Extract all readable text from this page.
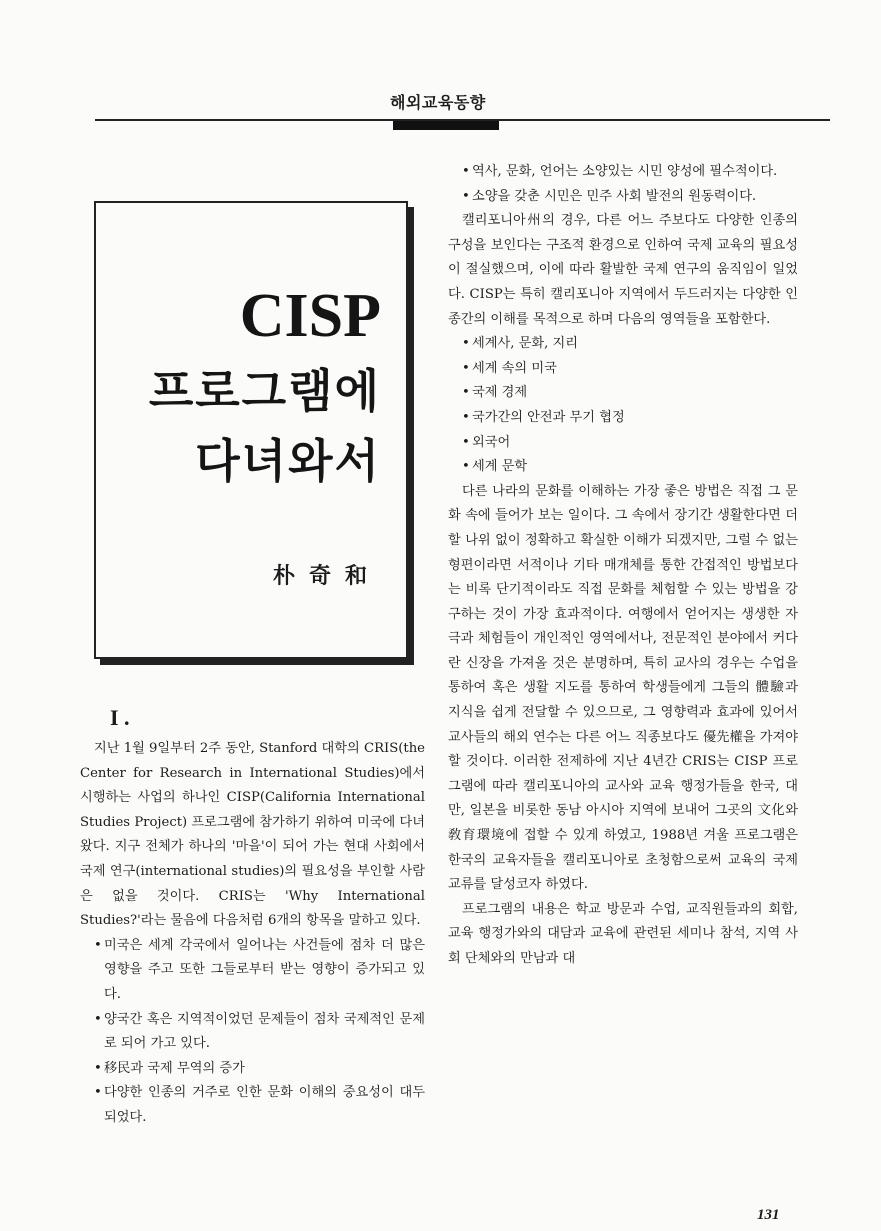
해외교육동향
CISP
프로그램에
다녀와서
朴奇和
I .

지난 1월 9일부터 2주 동안, Stanford 대학의 CRIS(the Center for Research in International Studies)에서 시행하는 사업의 하나인 CISP(California International Studies Project) 프로그램에 참가하기 위하여 미국에 다녀왔다. 지구 전체가 하나의 '마을'이 되어 가는 현대 사회에서 국제 연구(international studies)의 필요성을 부인할 사람은 없을 것이다. CRIS는 'Why International Studies?'라는 물음에 다음처럼 6개의 항목을 말하고 있다.

• 미국은 세계 각국에서 일어나는 사건들에 점차 더 많은 영향을 주고 또한 그들로부터 받는 영향이 증가되고 있다.
• 양국간 혹은 지역적이었던 문제들이 점차 국제적인 문제로 되어 가고 있다.
• 移民과 국제 무역의 증가
• 다양한 인종의 거주로 인한 문화 이해의 중요성이 대두되었다.
• 역사, 문화, 언어는 소양있는 시민 양성에 필수적이다.
• 소양을 갖춘 시민은 민주 사회 발전의 원동력이다.

캘리포니아州의 경우, 다른 어느 주보다도 다양한 인종의 구성을 보인다는 구조적 환경으로 인하여 국제 교육의 필요성이 절실했으며, 이에 따라 활발한 국제 연구의 움직임이 일었다. CISP는 특히 캘리포니아 지역에서 두드러지는 다양한 인종간의 이해를 목적으로 하며 다음의 영역들을 포함한다.

• 세계사, 문화, 지리
• 세계 속의 미국
• 국제 경제
• 국가간의 안전과 무기 협정
• 외국어
• 세계 문학

다른 나라의 문화를 이해하는 가장 좋은 방법은 직접 그 문화 속에 들어가 보는 일이다. 그 속에서 장기간 생활한다면 더할 나위 없이 정확하고 확실한 이해가 되겠지만, 그럴 수 없는 형편이라면 서적이나 기타 매개체를 통한 간접적인 방법보다는 비록 단기적이라도 직접 문화를 체험할 수 있는 방법을 강구하는 것이 가장 효과적이다. 여행에서 얻어지는 생생한 자극과 체험들이 개인적인 영역에서나, 전문적인 분야에서 커다란 신장을 가져올 것은 분명하며, 특히 교사의 경우는 수업을 통하여 혹은 생활 지도를 통하여 학생들에게 그들의 體驗과 지식을 쉽게 전달할 수 있으므로, 그 영향력과 효과에 있어서 교사들의 해외 연수는 다른 어느 직종보다도 優先權을 가져야 할 것이다. 이러한 전제하에 지난 4년간 CRIS는 CISP 프로그램에 따라 캘리포니아의 교사와 교육 행정가들을 한국, 대만, 일본을 비롯한 동남 아시아 지역에 보내어 그곳의 文化와 敎育環境에 접할 수 있게 하였고, 1988년 겨울 프로그램은 한국의 교육자들을 캘리포니아로 초청함으로써 교육의 국제 교류를 달성코자 하였다.

프로그램의 내용은 학교 방문과 수업, 교직원들과의 회합, 교육 행정가와의 대담과 교육에 관련된 세미나 참석, 지역 사회 단체와의 만남과 대

131
